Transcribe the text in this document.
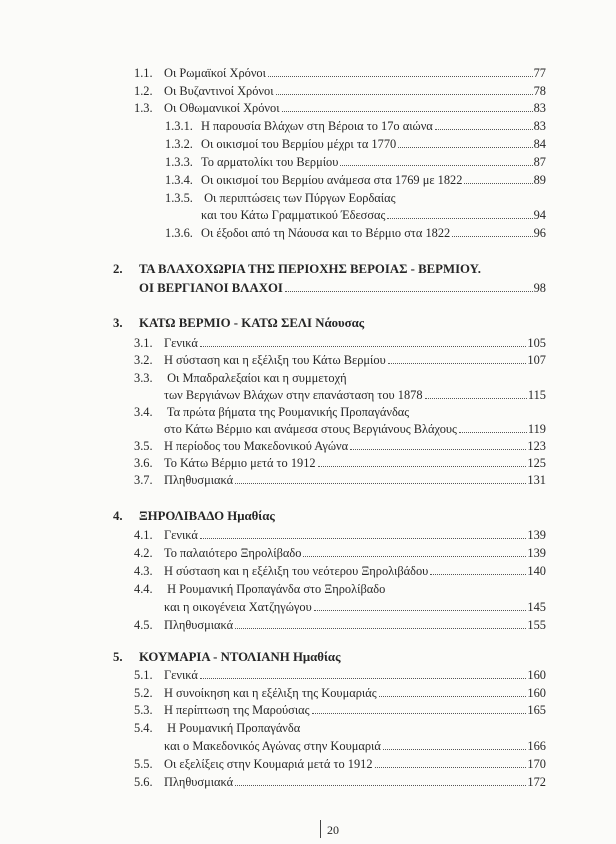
1.1. Οι Ρωμαϊκοί Χρόνοι	77
1.2. Οι Βυζαντινοί Χρόνοι	78
1.3. Οι Οθωμανικοί Χρόνοι	83
1.3.1. Η παρουσία Βλάχων στη Βέροια το 17ο αιώνα	83
1.3.2. Οι οικισμοί του Βερμίου μέχρι τα 1770	84
1.3.3. Το αρματολίκι του Βερμίου	87
1.3.4. Οι οικισμοί του Βερμίου ανάμεσα στα 1769 με 1822	89
1.3.5. Οι περιπτώσεις των Πύργων Εορδαίας
και του Κάτω Γραμματικού Έδεσσας	94
1.3.6. Οι έξοδοι από τη Νάουσα και το Βέρμιο στα 1822	96
2. ΤΑ ΒΛΑΧΟΧΩΡΙΑ ΤΗΣ ΠΕΡΙΟΧΗΣ ΒΕΡΟΙΑΣ - ΒΕΡΜΙΟΥ.
ΟΙ ΒΕΡΓΙΑΝΟΙ ΒΛΑΧΟΙ	98
3. ΚΑΤΩ ΒΕΡΜΙΟ - ΚΑΤΩ ΣΕΛΙ Νάουσας
3.1. Γενικά	105
3.2. Η σύσταση και η εξέλιξη του Κάτω Βερμίου	107
3.3. Οι Μπαδραλεξαίοι και η συμμετοχή
των Βεργιάνων Βλάχων στην επανάσταση του 1878	115
3.4. Τα πρώτα βήματα της Ρουμανικής Προπαγάνδας
στο Κάτω Βέρμιο και ανάμεσα στους Βεργιάνους Βλάχους	119
3.5. Η περίοδος του Μακεδονικού Αγώνα	123
3.6. Το Κάτω Βέρμιο μετά το 1912	125
3.7. Πληθυσμιακά	131
4. ΞΗΡΟΛΙΒΑΔΟ Ημαθίας
4.1. Γενικά	139
4.2. Το παλαιότερο Ξηρολίβαδο	139
4.3. Η σύσταση και η εξέλιξη του νεότερου Ξηρολιβάδου	140
4.4. Η Ρουμανική Προπαγάνδα στο Ξηρολίβαδο
και η οικογένεια Χατζηγώγου	145
4.5. Πληθυσμιακά	155
5. ΚΟΥΜΑΡΙΑ - ΝΤΟΛΙΑΝΗ Ημαθίας
5.1. Γενικά	160
5.2. Η συνοίκηση και η εξέλιξη της Κουμαριάς	160
5.3. Η περίπτωση της Μαρούσιας	165
5.4. Η Ρουμανική Προπαγάνδα
και ο Μακεδονικός Αγώνας στην Κουμαριά	166
5.5. Οι εξελίξεις στην Κουμαριά μετά το 1912	170
5.6. Πληθυσμιακά	172
20
